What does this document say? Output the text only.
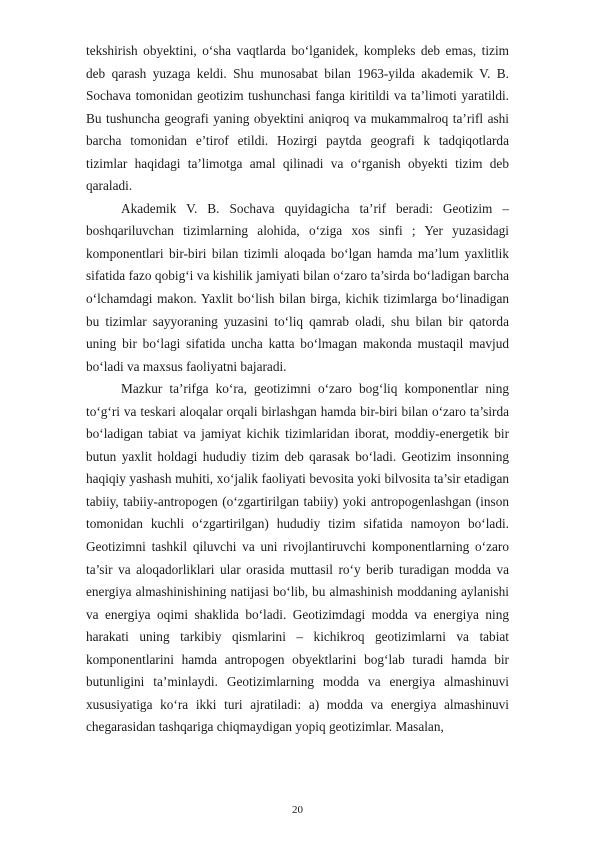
tekshirish obyektini, o‘sha vaqtlarda bo‘lganidek, kompleks deb emas, tizim deb qarash yuzaga keldi. Shu munosabat bilan 1963-yilda akademik V. B. Sochava tomonidan geotizim tushunchasi fanga kiritildi va ta’limoti yaratildi. Bu tushuncha geografi yaning obyektini aniqroq va mukammalroq ta’rifl ashi barcha tomonidan e’tirof etildi. Hozirgi paytda geografi k tadqiqotlarda tizimlar haqidagi ta’limotga amal qilinadi va o‘rganish obyekti tizim deb qaraladi.

Akademik V. B. Sochava quyidagicha ta’rif beradi: Geotizim – boshqariluvchan tizimlarning alohida, o‘ziga xos sinfi ; Yer yuzasidagi komponentlari bir-biri bilan tizimli aloqada bo‘lgan hamda ma’lum yaxlitlik sifatida fazo qobig‘i va kishilik jamiyati bilan o‘zaro ta’sirda bo‘ladigan barcha o‘lchamdagi makon. Yaxlit bo‘lish bilan birga, kichik tizimlarga bo‘linadigan bu tizimlar sayyoraning yuzasini to‘liq qamrab oladi, shu bilan bir qatorda uning bir bo‘lagi sifatida uncha katta bo‘lmagan makonda mustaqil mavjud bo‘ladi va maxsus faoliyatni bajaradi.

Mazkur ta’rifga ko‘ra, geotizimni o‘zaro bog‘liq komponentlar ning to‘g‘ri va teskari aloqalar orqali birlashgan hamda bir-biri bilan o‘zaro ta’sirda bo‘ladigan tabiat va jamiyat kichik tizimlaridan iborat, moddiy-energetik bir butun yaxlit holdagi hududiy tizim deb qarasak bo‘ladi. Geotizim insonning haqiqiy yashash muhiti, xo‘jalik faoliyati bevosita yoki bilvosita ta’sir etadigan tabiiy, tabiiy-antropogen (o‘zgartirilgan tabiiy) yoki antropogenlashgan (inson tomonidan kuchli o‘zgartirilgan) hududiy tizim sifatida namoyon bo‘ladi. Geotizimni tashkil qiluvchi va uni rivojlantiruvchi komponentlarning o‘zaro ta’sir va aloqadorliklari ular orasida muttasil ro‘y berib turadigan modda va energiya almashinishining natijasi bo‘lib, bu almashinish moddaning aylanishi va energiya oqimi shaklida bo‘ladi. Geotizimdagi modda va energiya ning harakati uning tarkibiy qismlarini – kichikroq geotizimlarni va tabiat komponentlarini hamda antropogen obyektlarini bog‘lab turadi hamda bir butunligini ta’minlaydi. Geotizimlarning modda va energiya almashinuvi xususiyatiga ko‘ra ikki turi ajratiladi: a) modda va energiya almashinuvi chegarasidan tashqariga chiqmaydigan yopiq geotizimlar. Masalan,

20
